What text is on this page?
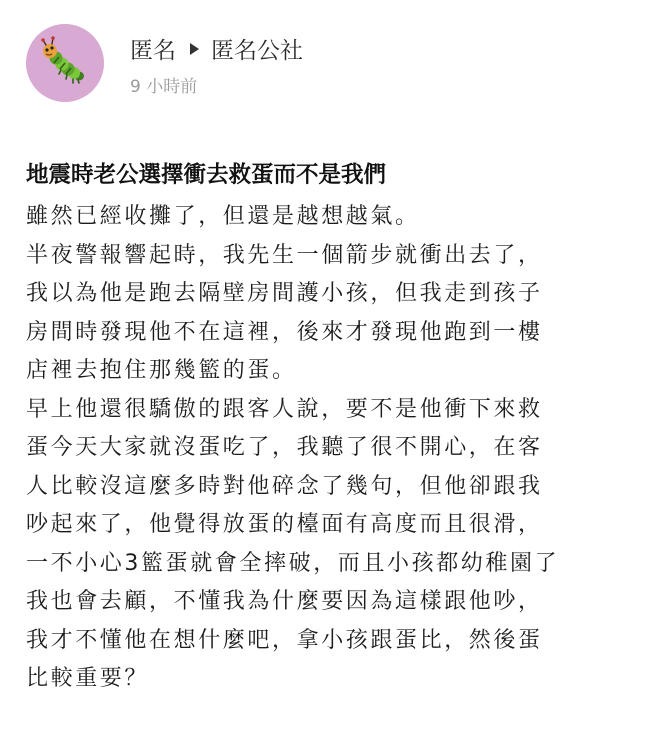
匿名 匿名公社
9 小時前
地震時老公選擇衝去救蛋而不是我們

雖然已經收攤了，但還是越想越氣。

半夜警報響起時，我先生一個箭步就衝出去了，

我以為他是跑去隔壁房間護小孩，但我走到孩子

房間時發現他不在這裡，後來才發現他跑到一樓

店裡去抱住那幾籃的蛋。

早上他還很驕傲的跟客人說，要不是他衝下來救

蛋今天大家就沒蛋吃了，我聽了很不開心，在客

人比較沒這麼多時對他碎念了幾句，但他卻跟我

吵起來了，他覺得放蛋的檯面有高度而且很滑，

一不小心3籃蛋就會全摔破，而且小孩都幼稚園了

我也會去顧，不懂我為什麼要因為這樣跟他吵，

我才不懂他在想什麼吧，拿小孩跟蛋比，然後蛋

比較重要？
